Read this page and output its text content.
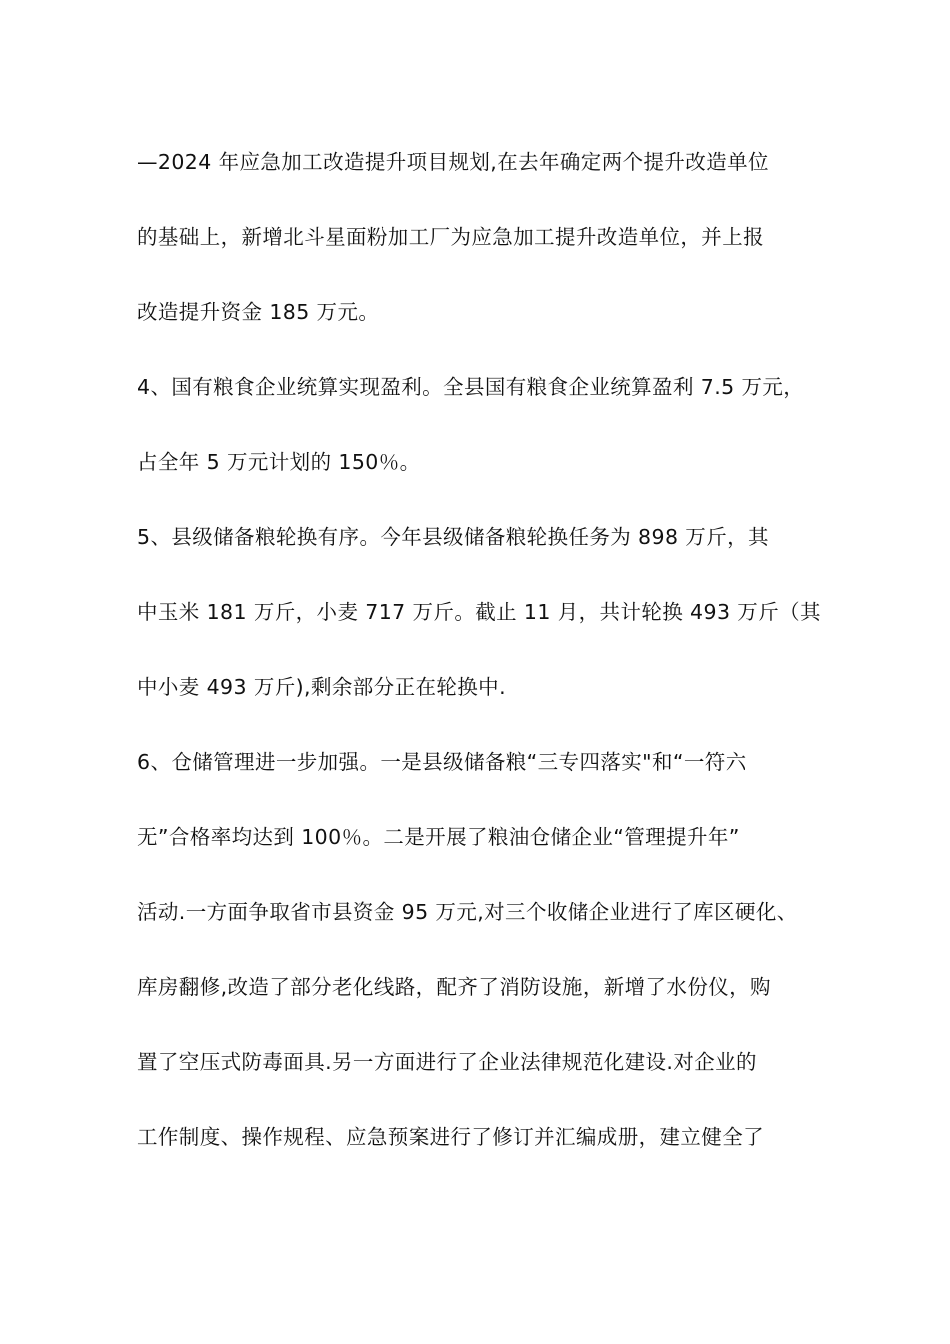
—2024 年应急加工改造提升项目规划,在去年确定两个提升改造单位
的基础上，新增北斗星面粉加工厂为应急加工提升改造单位，并上报
改造提升资金 185 万元。
4、国有粮食企业统算实现盈利。全县国有粮食企业统算盈利 7.5 万元，
占全年 5 万元计划的 150％。
5、县级储备粮轮换有序。今年县级储备粮轮换任务为 898 万斤，其
中玉米 181 万斤，小麦 717 万斤。截止 11 月，共计轮换 493 万斤（其
中小麦 493 万斤),剩余部分正在轮换中.
6、仓储管理进一步加强。一是县级储备粮“三专四落实"和“一符六
无”合格率均达到 100％。二是开展了粮油仓储企业“管理提升年”
活动.一方面争取省市县资金 95 万元,对三个收储企业进行了库区硬化、
库房翻修,改造了部分老化线路，配齐了消防设施，新增了水份仪，购
置了空压式防毒面具.另一方面进行了企业法律规范化建设.对企业的
工作制度、操作规程、应急预案进行了修订并汇编成册，建立健全了
